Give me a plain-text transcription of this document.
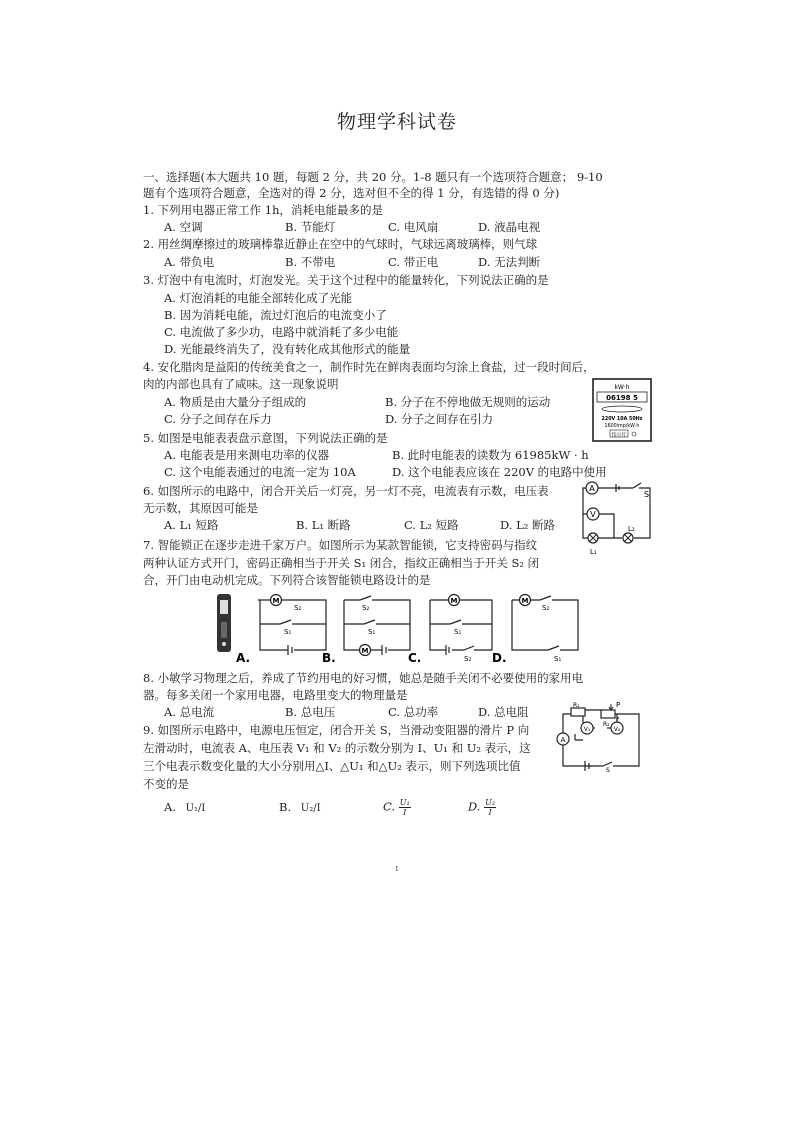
物理学科试卷
一、选择题(本大题共 10 题，每题 2 分，共 20 分。1-8 题只有一个选项符合题意； 9-10
题有个选项符合题意，全选对的得 2 分，选对但不全的得 1 分，有选错的得 0 分)
1. 下列用电器正常工作 1h，消耗电能最多的是
A. 空调	B. 节能灯	C. 电风扇	D. 液晶电视
2. 用丝绸摩擦过的玻璃棒靠近静止在空中的气球时，气球远离玻璃棒，则气球
A. 带负电	B. 不带电	C. 带正电	D. 无法判断
3. 灯泡中有电流时，灯泡发光。关于这个过程中的能量转化，下列说法正确的是
A. 灯泡消耗的电能全部转化成了光能
B. 因为消耗电能，流过灯泡后的电流变小了
C. 电流做了多少功，电路中就消耗了多少电能
D. 光能最终消失了，没有转化成其他形式的能量
4. 安化腊肉是益阳的传统美食之一，制作时先在鲜肉表面均匀涂上食盐，过一段时间后，
肉的内部也具有了咸味。这一现象说明
A. 物质是由大量分子组成的	B. 分子在不停地做无规则的运动
C. 分子之间存在斥力	D. 分子之间存在引力
kW·h
06198 5
220V 10A 50Hz
1600imp/kW·h
指示灯
5. 如图是电能表表盘示意图，下列说法正确的是
A. 电能表是用来测电功率的仪器	B. 此时电能表的读数为 61985kW · h
C. 这个电能表通过的电流一定为 10A	D. 这个电能表应该在 220V 的电路中使用
6. 如图所示的电路中，闭合开关后一灯亮，另一灯不亮，电流表有示数，电压表
无示数，其原因可能是
A. L₁ 短路	B. L₁ 断路	C. L₂ 短路	D. L₂ 断路
A
V
S
L₁
L₂
7. 智能锁正在逐步走进千家万户。如图所示为某款智能锁，它支持密码与指纹
两种认证方式开门，密码正确相当于开关 S₁ 闭合，指纹正确相当于开关 S₂ 闭
合，开门由电动机完成。下列符合该智能锁电路设计的是
M
S₂
S₁
A.	M
S₂
S₁
B.
M
S₁
S₂
C.
M
S₂
S₁
D.
8. 小敏学习物理之后，养成了节约用电的好习惯，她总是随手关闭不必要使用的家用电
器。每多关闭一个家用电器，电路里变大的物理量是
A. 总电流	B. 总电压	C. 总功率	D. 总电阻
9. 如图所示电路中，电源电压恒定，闭合开关 S，当滑动变阻器的滑片 P 向
左滑动时，电流表 A、电压表 V₁ 和 V₂ 的示数分别为 I、U₁ 和 U₂ 表示，这
三个电表示数变化量的大小分别用△I、△U₁ 和△U₂ 表示，则下列选项比值
不变的是
A
V₁	V₂
R₁
R₂
P
S
A. U₁/I	B. U₂/I	C. $\frac{\text{U₁}}{I}$	D. $\frac{\text{U₂}}{I}$
1
